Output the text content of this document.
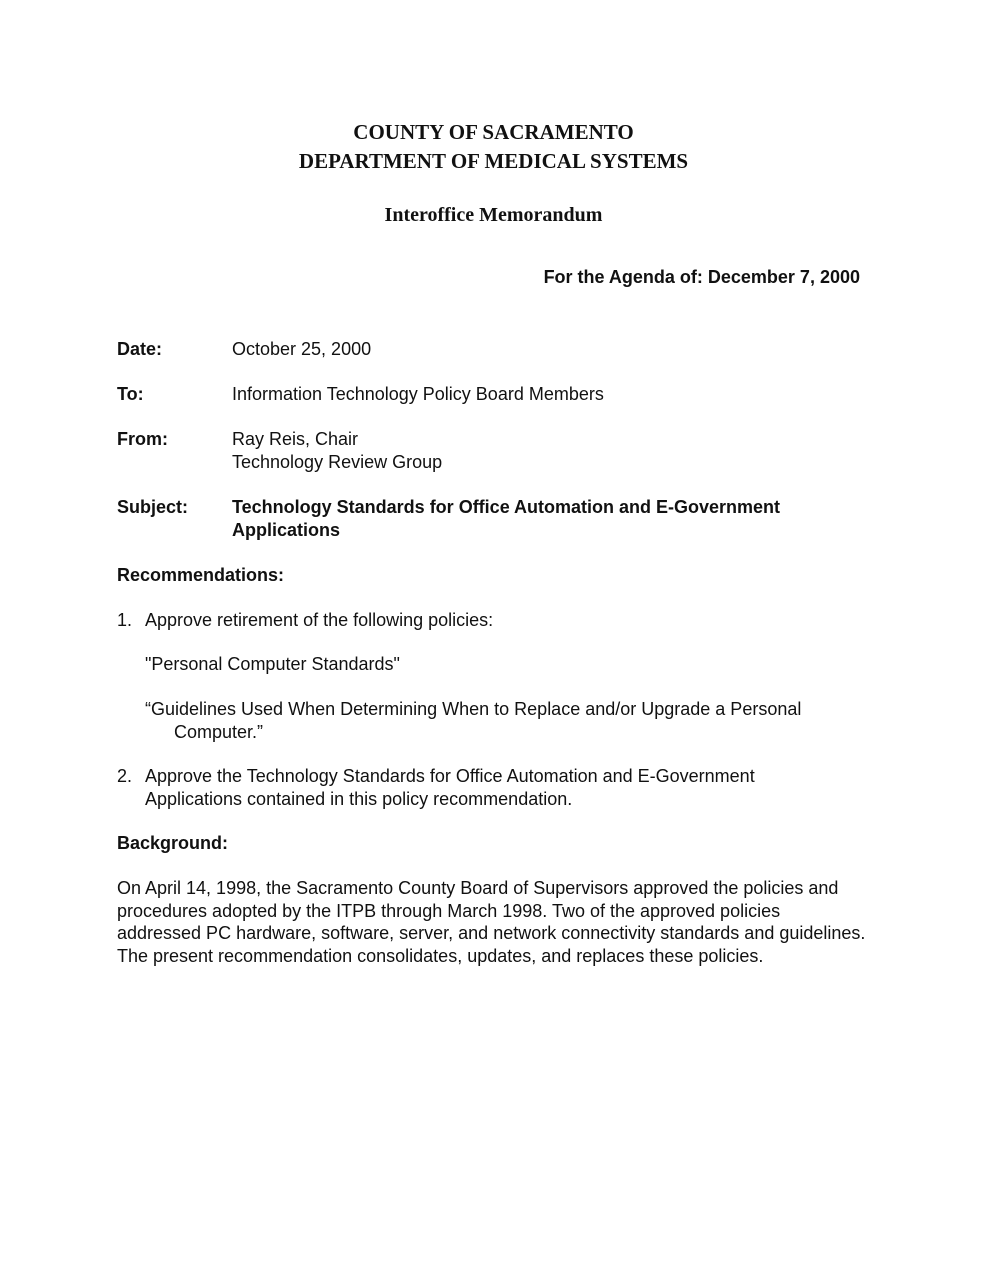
COUNTY OF SACRAMENTO
DEPARTMENT OF MEDICAL SYSTEMS
Interoffice Memorandum
For the Agenda of: December 7, 2000
Date:	October 25, 2000
To:	Information Technology Policy Board Members
From:	Ray Reis, Chair
Technology Review Group
Subject: Technology Standards for Office Automation and E-Government Applications
Recommendations:
1. Approve retirement of the following policies:
"Personal Computer Standards"
“Guidelines Used When Determining When to Replace and/or Upgrade a Personal Computer.”
2. Approve the Technology Standards for Office Automation and E-Government Applications contained in this policy recommendation.
Background:
On April 14, 1998, the Sacramento County Board of Supervisors approved the policies and procedures adopted by the ITPB through March 1998. Two of the approved policies addressed PC hardware, software, server, and network connectivity standards and guidelines. The present recommendation consolidates, updates, and replaces these policies.
